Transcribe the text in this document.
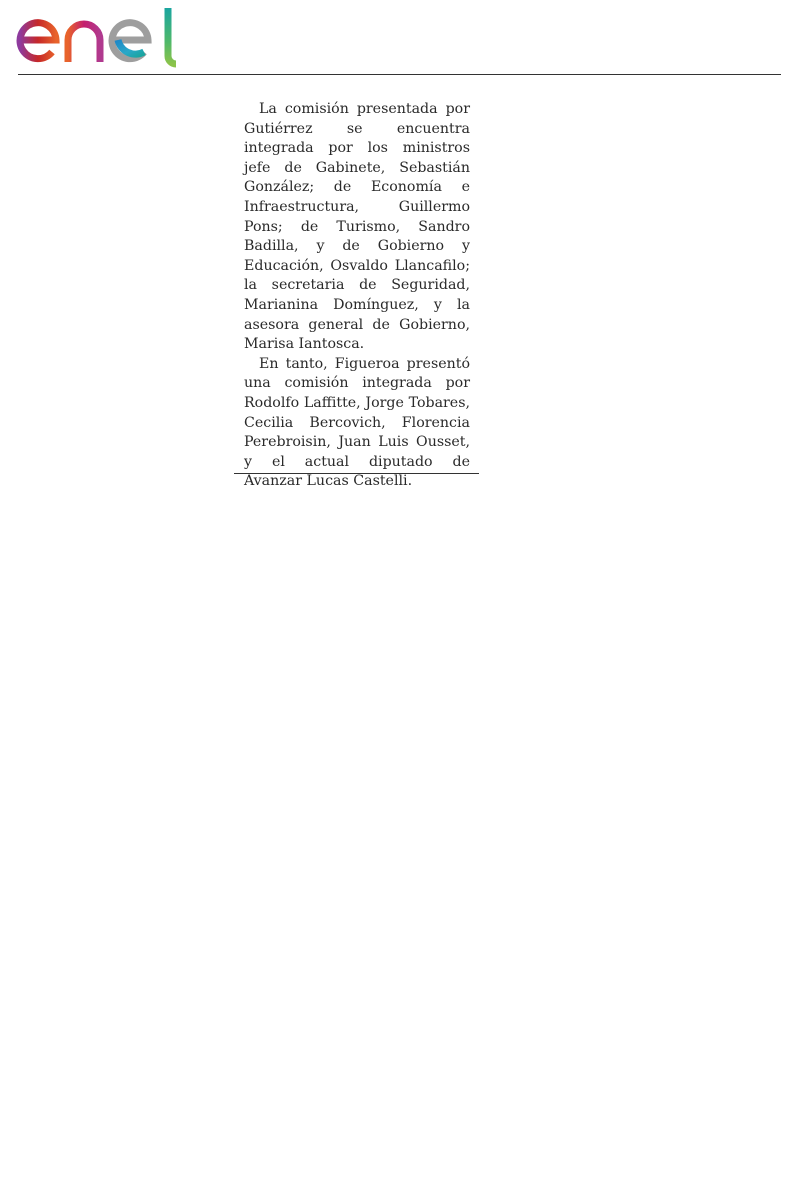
La comisión presentada por Gutiérrez se encuentra integrada por los ministros jefe de Gabinete, Sebastián González; de Economía e Infraestructura, Guillermo Pons; de Turismo, Sandro Badilla, y de Gobierno y Educación, Osvaldo Llancafilo; la secretaria de Seguridad, Marianina Domínguez, y la asesora general de Gobierno, Marisa Iantosca.

En tanto, Figueroa presentó una comisión integrada por Rodolfo Laffitte, Jorge Tobares, Cecilia Bercovich, Florencia Perebroisin, Juan Luis Ousset, y el actual diputado de Avanzar Lucas Castelli.
